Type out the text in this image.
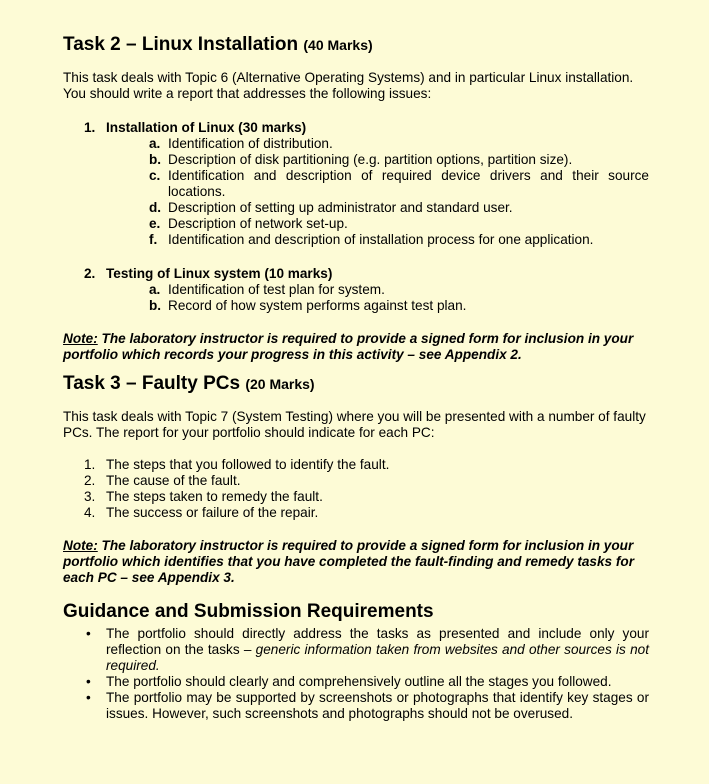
Task 2 – Linux Installation (40 Marks)

This task deals with Topic 6 (Alternative Operating Systems) and in particular Linux installation. You should write a report that addresses the following issues:

1. Installation of Linux (30 marks)
a. Identification of distribution.
b. Description of disk partitioning (e.g. partition options, partition size).
c. Identification and description of required device drivers and their source locations.
d. Description of setting up administrator and standard user.
e. Description of network set-up.
f. Identification and description of installation process for one application.
2. Testing of Linux system (10 marks)
a. Identification of test plan for system.
b. Record of how system performs against test plan.

Note: The laboratory instructor is required to provide a signed form for inclusion in your portfolio which records your progress in this activity – see Appendix 2.

Task 3 – Faulty PCs (20 Marks)

This task deals with Topic 7 (System Testing) where you will be presented with a number of faulty PCs. The report for your portfolio should indicate for each PC:

1. The steps that you followed to identify the fault.
2. The cause of the fault.
3. The steps taken to remedy the fault.
4. The success or failure of the repair.

Note: The laboratory instructor is required to provide a signed form for inclusion in your portfolio which identifies that you have completed the fault-finding and remedy tasks for each PC – see Appendix 3.

Guidance and Submission Requirements
• The portfolio should directly address the tasks as presented and include only your reflection on the tasks – generic information taken from websites and other sources is not required.
• The portfolio should clearly and comprehensively outline all the stages you followed.
• The portfolio may be supported by screenshots or photographs that identify key stages or issues. However, such screenshots and photographs should not be overused.
